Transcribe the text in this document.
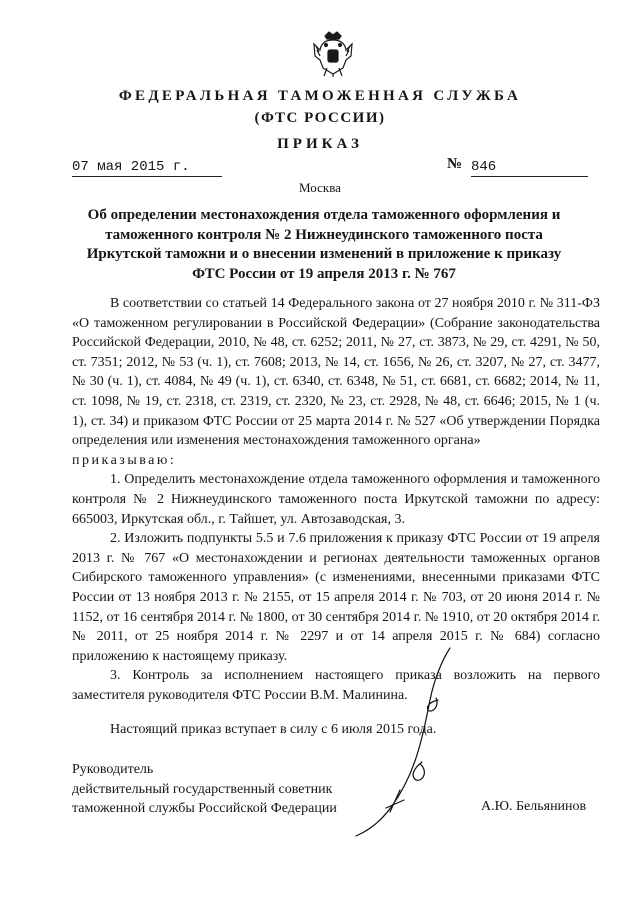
ФЕДЕРАЛЬНАЯ ТАМОЖЕННАЯ СЛУЖБА
(ФТС РОССИИ)
ПРИКАЗ
07 мая 2015 г.	№ 846
Москва
Об определении местонахождения отдела таможенного оформления и
таможенного контроля № 2 Нижнеудинского таможенного поста
Иркутской таможни и о внесении изменений в приложение к приказу
ФТС России от 19 апреля 2013 г. № 767

В соответствии со статьей 14 Федерального закона от 27 ноября 2010 г. № 311-ФЗ «О таможенном регулировании в Российской Федерации» (Собрание законодательства Российской Федерации, 2010, № 48, ст. 6252; 2011, № 27, ст. 3873, № 29, ст. 4291, № 50, ст. 7351; 2012, № 53 (ч. 1), ст. 7608; 2013, № 14, ст. 1656, № 26, ст. 3207, № 27, ст. 3477, № 30 (ч. 1), ст. 4084, № 49 (ч. 1), ст. 6340, ст. 6348, № 51, ст. 6681, ст. 6682; 2014, № 11, ст. 1098, № 19, ст. 2318, ст. 2319, ст. 2320, № 23, ст. 2928, № 48, ст. 6646; 2015, № 1 (ч. 1), ст. 34) и приказом ФТС России от 25 марта 2014 г. № 527 «Об утверждении Порядка определения или изменения местонахождения таможенного органа»

приказываю:

1. Определить местонахождение отдела таможенного оформления и таможенного контроля № 2 Нижнеудинского таможенного поста Иркутской таможни по адресу: 665003, Иркутская обл., г. Тайшет, ул. Автозаводская, 3.

2. Изложить подпункты 5.5 и 7.6 приложения к приказу ФТС России от 19 апреля 2013 г. № 767 «О местонахождении и регионах деятельности таможенных органов Сибирского таможенного управления» (с изменениями, внесенными приказами ФТС России от 13 ноября 2013 г. № 2155, от 15 апреля 2014 г. № 703, от 20 июня 2014 г. № 1152, от 16 сентября 2014 г. № 1800, от 30 сентября 2014 г. № 1910, от 20 октября 2014 г. № 2011, от 25 ноября 2014 г. № 2297 и от 14 апреля 2015 г. № 684) согласно приложению к настоящему приказу.

3. Контроль за исполнением настоящего приказа возложить на первого заместителя руководителя ФТС России В.М. Малинина.

Настоящий приказ вступает в силу с 6 июля 2015 года.

Руководитель
действительный государственный советник
таможенной службы Российской Федерации	А.Ю. Бельянинов
